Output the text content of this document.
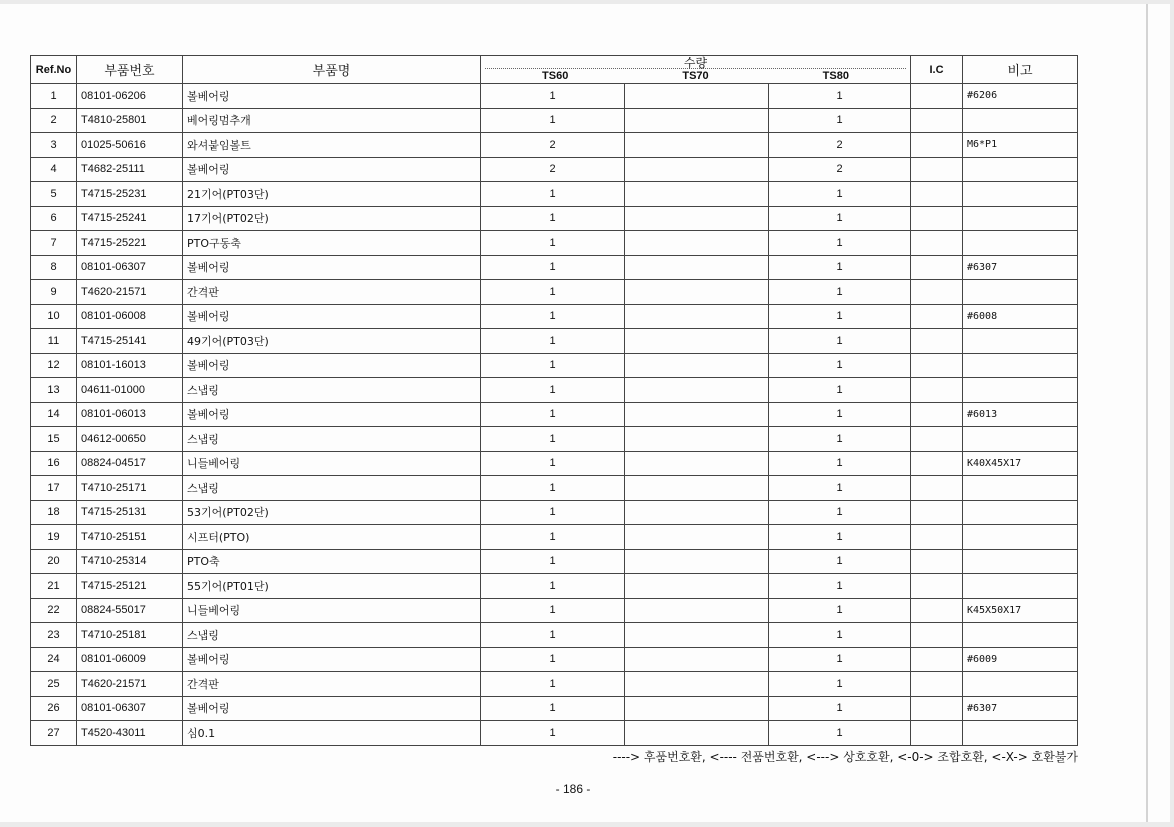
Ref.No	부품번호	부품명	수량
TS60 TS70 TS80			I.C	비고
1	08101-06206	볼베어링	1		1		#6206
2	T4810-25801	베어링멈추개	1		1		
3	01025-50616	와셔붙임볼트	2		2		M6*P1
4	T4682-25111	볼베어링	2		2		
5	T4715-25231	21기어(PT03단)	1		1		
6	T4715-25241	17기어(PT02단)	1		1		
7	T4715-25221	PTO구동축	1		1		
8	08101-06307	볼베어링	1		1		#6307
9	T4620-21571	간격판	1		1		
10	08101-06008	볼베어링	1		1		#6008
11	T4715-25141	49기어(PT03단)	1		1		
12	08101-16013	볼베어링	1		1		
13	04611-01000	스냅링	1		1		
14	08101-06013	볼베어링	1		1		#6013
15	04612-00650	스냅링	1		1		
16	08824-04517	니들베어링	1		1		K40X45X17
17	T4710-25171	스냅링	1		1		
18	T4715-25131	53기어(PT02단)	1		1		
19	T4710-25151	시프터(PTO)	1		1		
20	T4710-25314	PTO축	1		1		
21	T4715-25121	55기어(PT01단)	1		1		
22	08824-55017	니들베어링	1		1		K45X50X17
23	T4710-25181	스냅링	1		1		
24	08101-06009	볼베어링	1		1		#6009
25	T4620-21571	간격판	1		1		
26	08101-06307	볼베어링	1		1		#6307
27	T4520-43011	심0.1	1		1		
----> 후품번호환, <---- 전품번호환, <---> 상호호환, <-0-> 조합호환, <-X-> 호환불가
- 186 -
